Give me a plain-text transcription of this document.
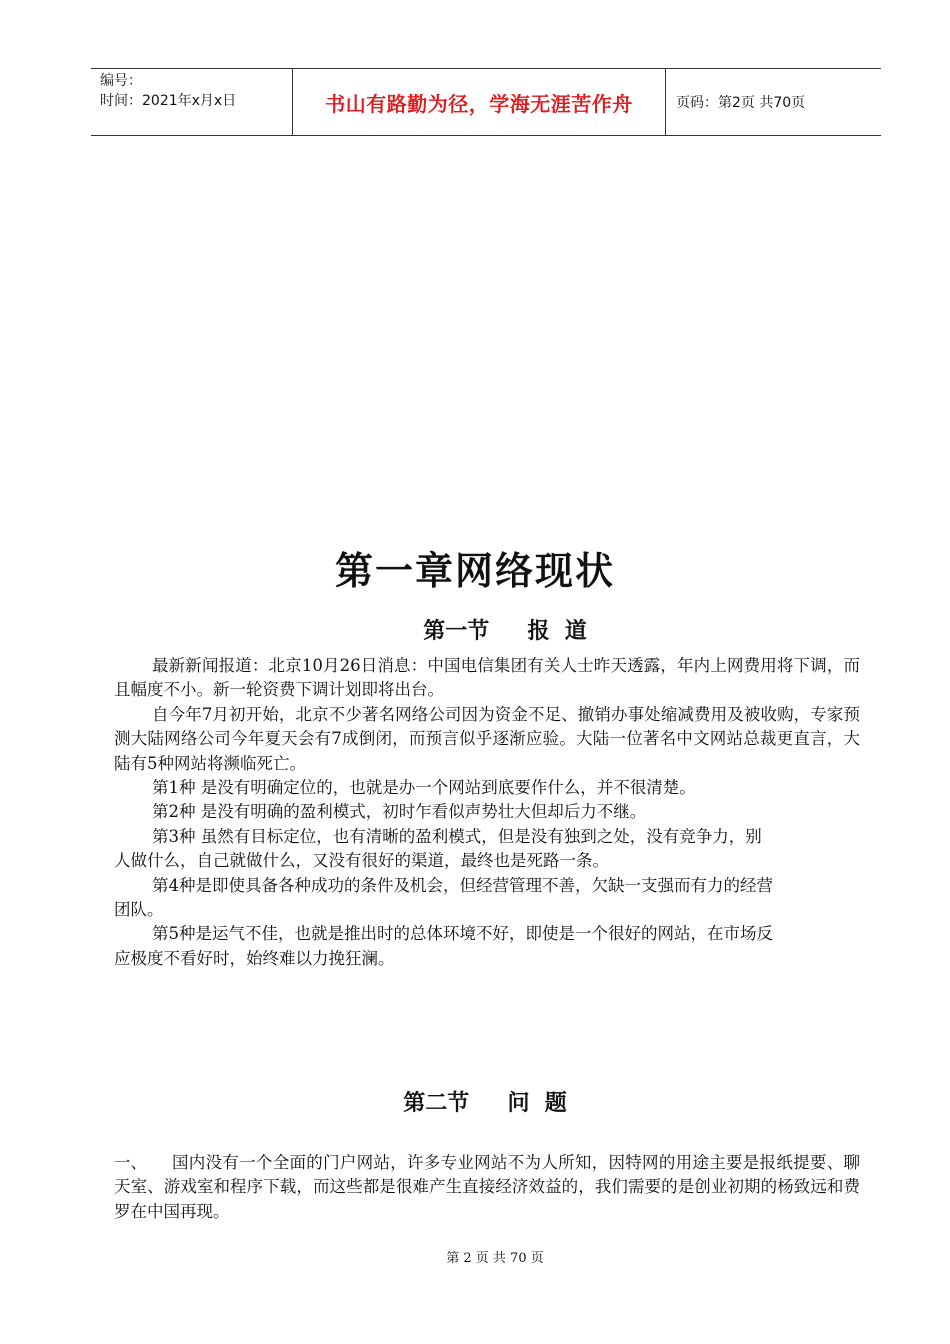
编号：
时间：2021年x月x日	书山有路勤为径，学海无涯苦作舟	页码：第2页 共70页
第一章网络现状
第一节     报  道

最新新闻报道：北京10月26日消息：中国电信集团有关人士昨天透露，年内上网费用将下调，而且幅度不小。新一轮资费下调计划即将出台。

自今年7月初开始，北京不少著名网络公司因为资金不足、撤销办事处缩减费用及被收购，专家预测大陆网络公司今年夏天会有7成倒闭，而预言似乎逐渐应验。大陆一位著名中文网站总裁更直言，大陆有5种网站将濒临死亡。

第1种 是没有明确定位的，也就是办一个网站到底要作什么，并不很清楚。

第2种 是没有明确的盈利模式，初时乍看似声势壮大但却后力不继。

第3种 虽然有目标定位，也有清晰的盈利模式，但是没有独到之处，没有竞争力，别

人做什么，自己就做什么，又没有很好的渠道，最终也是死路一条。

第4种是即使具备各种成功的条件及机会，但经营管理不善，欠缺一支强而有力的经营

团队。

第5种是运气不佳，也就是推出时的总体环境不好，即使是一个很好的网站，在市场反

应极度不看好时，始终难以力挽狂澜。

第二节     问  题
一、	国内没有一个全面的门户网站，许多专业网站不为人所知，因特网的用途主要是报纸提要、聊天室、游戏室和程序下载，而这些都是很难产生直接经济效益的，我们需要的是创业初期的杨致远和费罗在中国再现。
第 2 页 共 70 页
